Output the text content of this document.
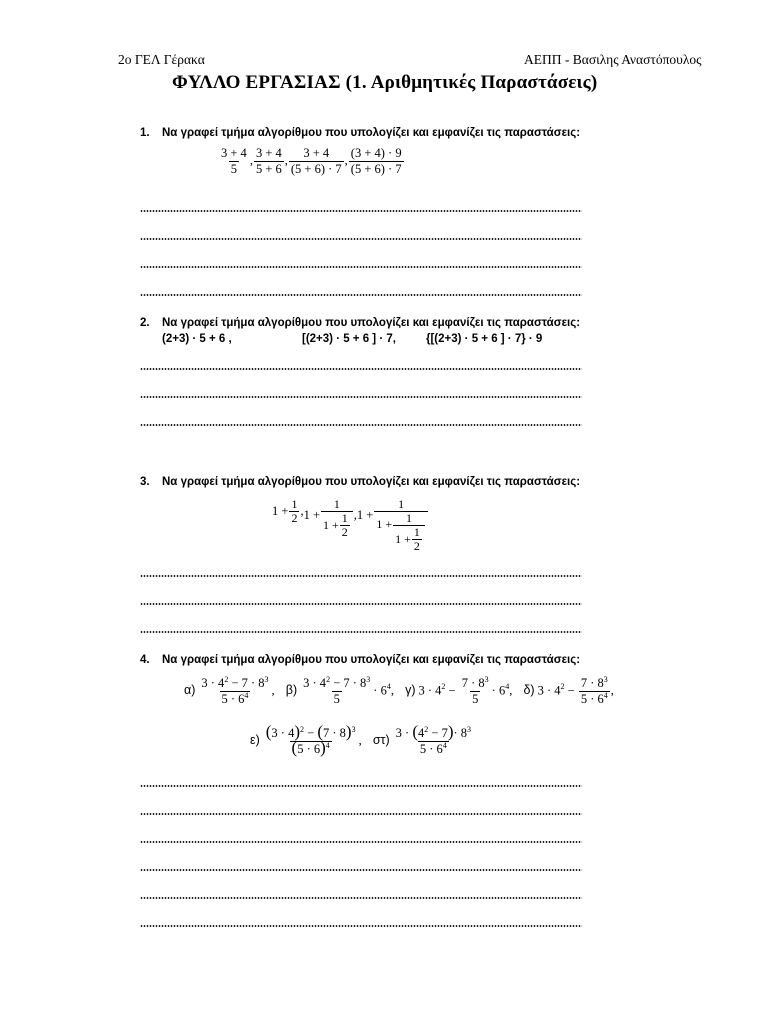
2ο ΓΕΛ Γέρακα	ΑΕΠΠ - Βασιλης Αναστόπουλος
ΦΥΛΛΟ ΕΡΓΑΣΙΑΣ (1. Αριθμητικές Παραστάσεις)
1. Να γραφεί τμήμα αλγορίθμου που υπολογίζει και εμφανίζει τις παραστάσεις:
$\frac{3 + 4}{5}$ , $\frac{3 + 4}{5 + 6}$ , $\frac{3 + 4}{(5 + 6) \cdot 7}$ , $\frac{(3 + 4) \cdot 9}{(5 + 6) \cdot 7}$
2. Να γραφεί τμήμα αλγορίθμου που υπολογίζει και εμφανίζει τις παραστάσεις:
(2+3) · 5 + 6 ,	[(2+3) · 5 + 6 ] · 7,	{[(2+3) · 5 + 6 ] · 7} · 9
3. Να γραφεί τμήμα αλγορίθμου που υπολογίζει και εμφανίζει τις παραστάσεις:
$1 + \frac{1}{2}$ , $1 + \frac{1}{1 + \frac{1}{2}} ,1 + \frac{1}{1 + \frac{1}{1 + \frac{1}{2}}}$
4. Να γραφεί τμήμα αλγορίθμου που υπολογίζει και εμφανίζει τις παραστάσεις:
$\alpha) \frac{3 \cdot 4^2 - 7 \cdot 8^3}{5 \cdot 6^4}$ , $\beta) \frac{3 \cdot 4^2 - 7 \cdot 8^3}{5} \cdot 6^4$, γ) $3 \cdot 4^2 - \frac{7 \cdot 8^3}{5} \cdot 6^4$, δ) $3 \cdot 4^2 - \frac{7 \cdot 8^3}{5 \cdot 6^4}$ ,
$\varepsilon) \frac{(3 \cdot 4)^2 - (7 \cdot 8)^3}{(5 \cdot 6)^4}$ , $\sigma\tau) \frac{3 \cdot (4^2 - 7)\cdot 8^3}{5 \cdot 6^4}$
